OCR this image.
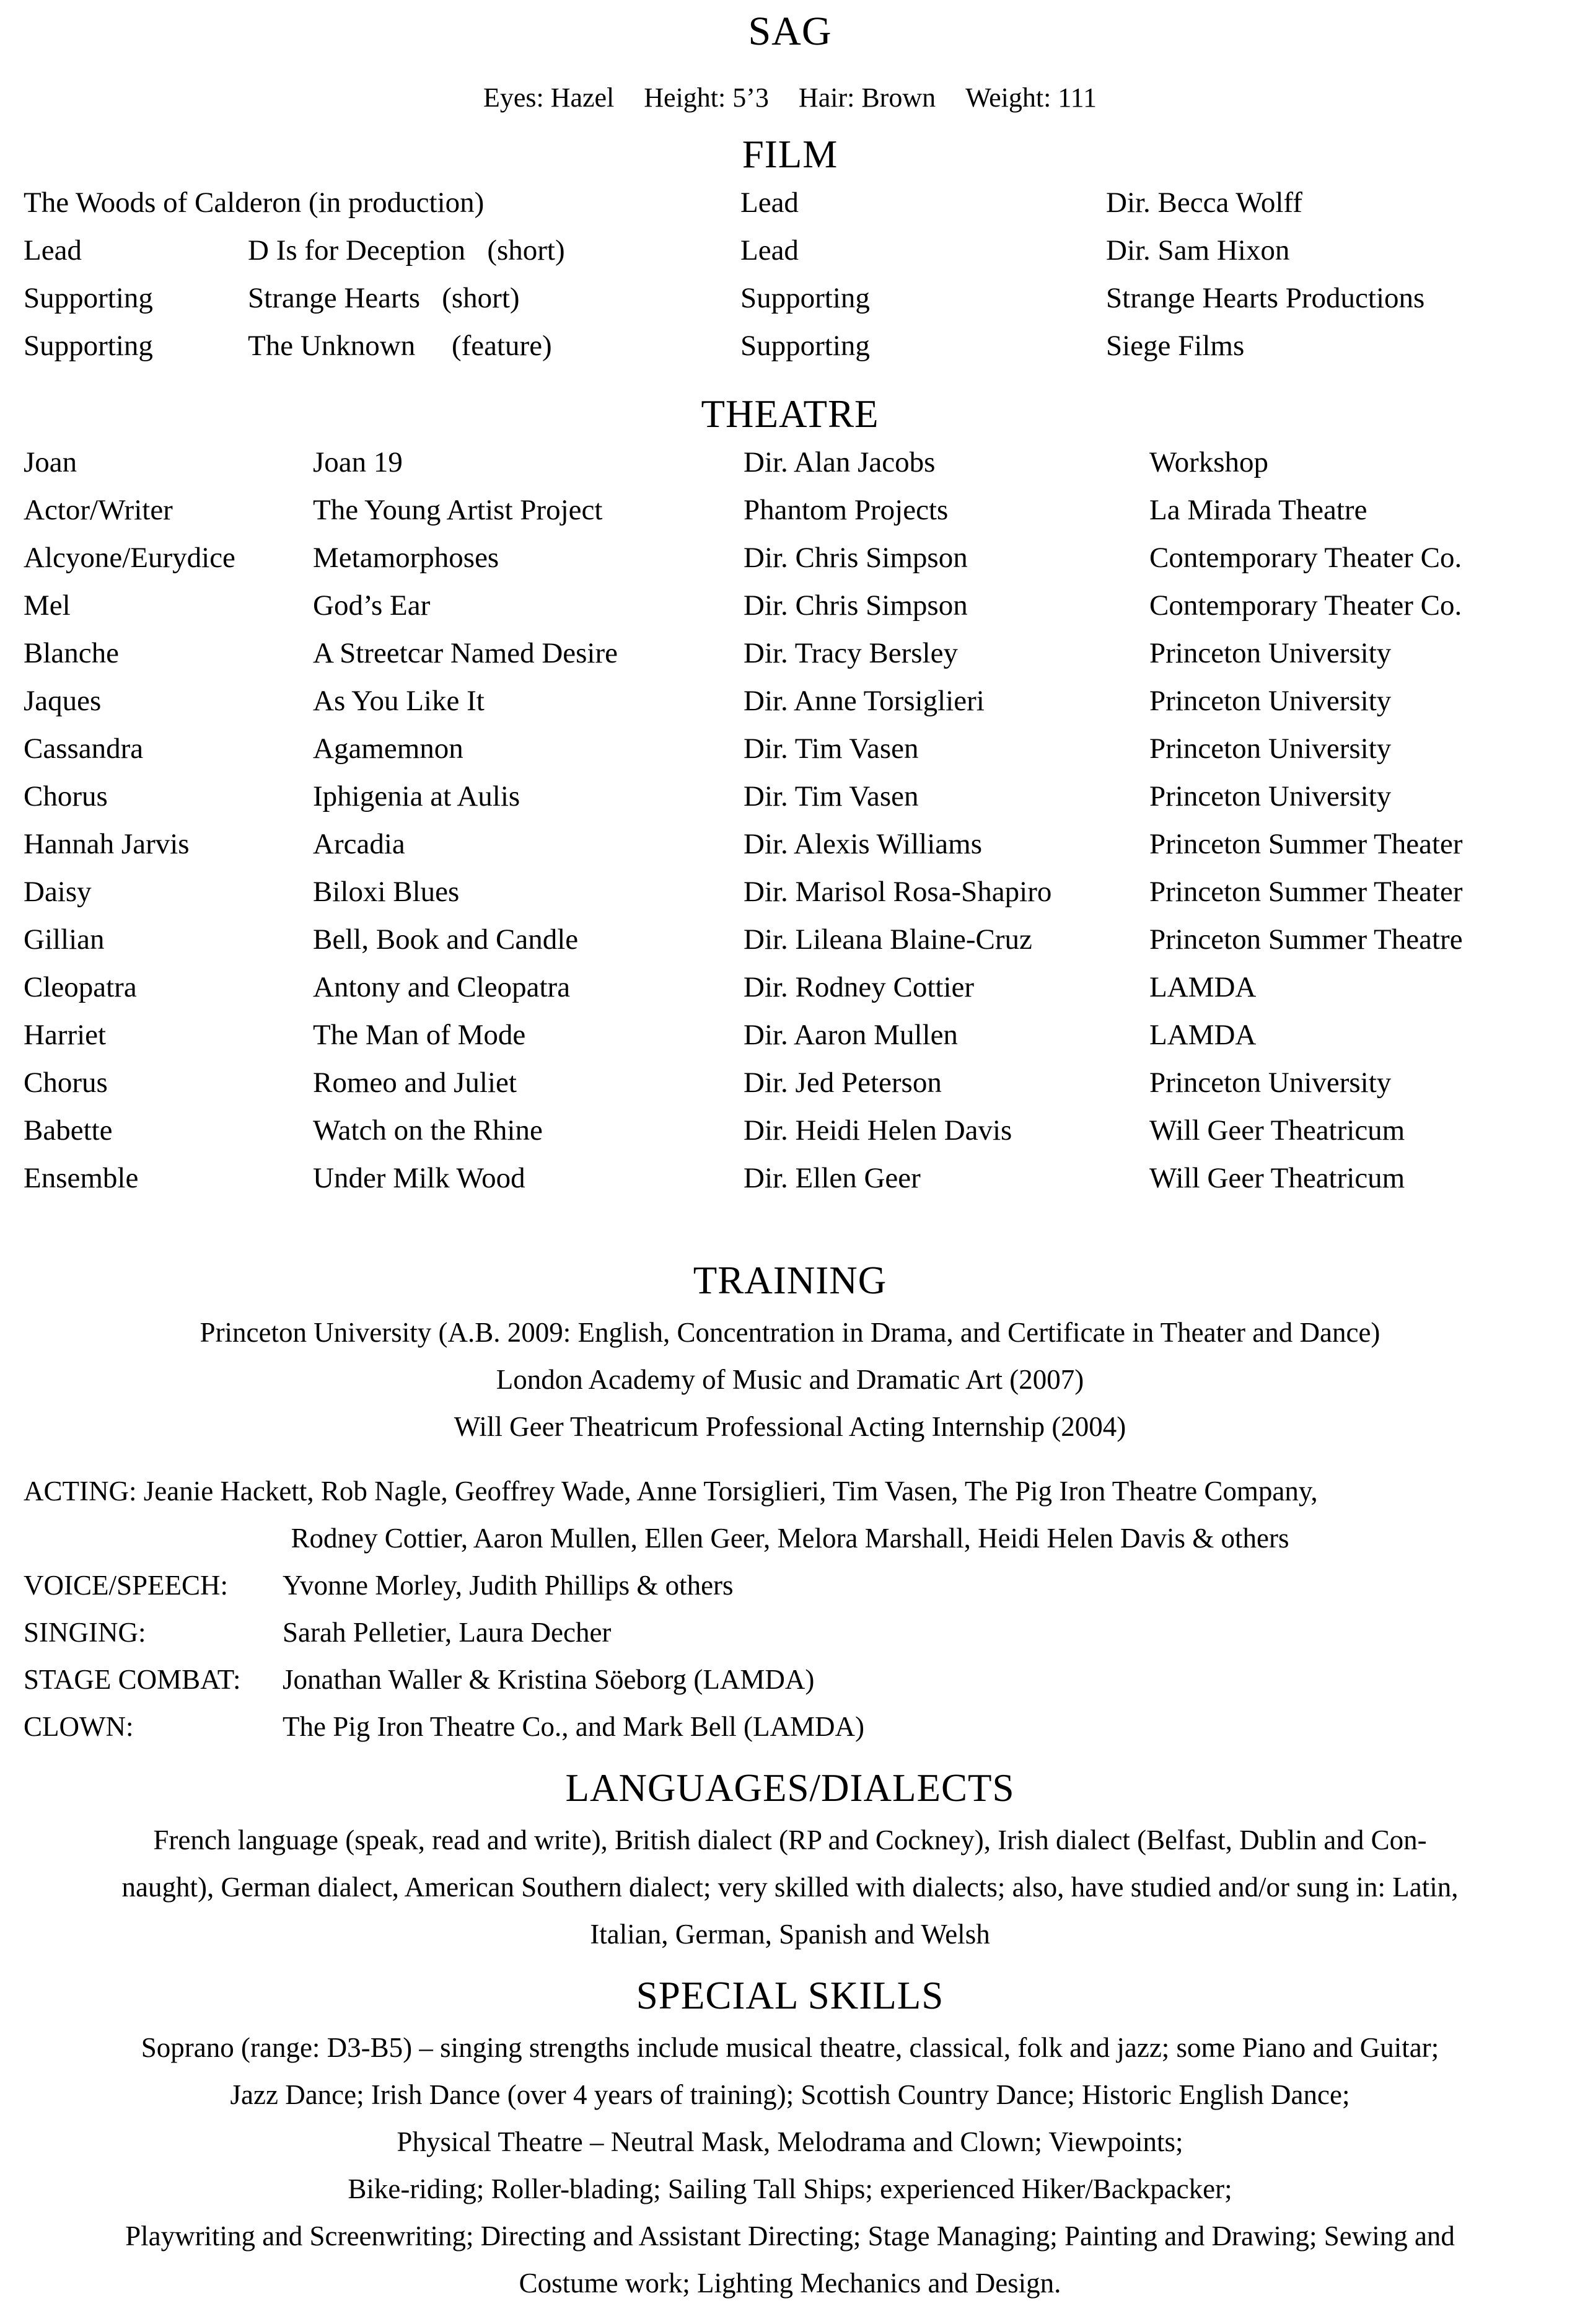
SAG
Eyes: Hazel Height: 5’3 Hair: Brown Weight: 111
FILM
The Woods of Calderon (in production)	Lead	Dir. Becca Wolff
Lead	D Is for Deception  (short)	Lead	Dir. Sam Hixon
Supporting	Strange Hearts  (short)	Supporting	Strange Hearts Productions
Supporting	The Unknown   (feature)	Supporting	Siege Films
THEATRE
Joan	Joan 19	Dir. Alan Jacobs	Workshop
Actor/Writer	The Young Artist Project	Phantom Projects	La Mirada Theatre
Alcyone/Eurydice	Metamorphoses	Dir. Chris Simpson	Contemporary Theater Co.
Mel	God’s Ear	Dir. Chris Simpson	Contemporary Theater Co.
Blanche	A Streetcar Named Desire	Dir. Tracy Bersley	Princeton University
Jaques	As You Like It	Dir. Anne Torsiglieri	Princeton University
Cassandra	Agamemnon	Dir. Tim Vasen	Princeton University
Chorus	Iphigenia at Aulis	Dir. Tim Vasen	Princeton University
Hannah Jarvis	Arcadia	Dir. Alexis Williams	Princeton Summer Theater
Daisy	Biloxi Blues	Dir. Marisol Rosa-Shapiro	Princeton Summer Theater
Gillian	Bell, Book and Candle	Dir. Lileana Blaine-Cruz	Princeton Summer Theatre
Cleopatra	Antony and Cleopatra	Dir. Rodney Cottier	LAMDA
Harriet	The Man of Mode	Dir. Aaron Mullen	LAMDA
Chorus	Romeo and Juliet	Dir. Jed Peterson	Princeton University
Babette	Watch on the Rhine	Dir. Heidi Helen Davis	Will Geer Theatricum
Ensemble	Under Milk Wood	Dir. Ellen Geer	Will Geer Theatricum
TRAINING
Princeton University (A.B. 2009: English, Concentration in Drama, and Certificate in Theater and Dance)
London Academy of Music and Dramatic Art (2007)
Will Geer Theatricum Professional Acting Internship (2004)
ACTING: Jeanie Hackett, Rob Nagle, Geoffrey Wade, Anne Torsiglieri, Tim Vasen, The Pig Iron Theatre Company,
Rodney Cottier, Aaron Mullen, Ellen Geer, Melora Marshall, Heidi Helen Davis & others
VOICE/SPEECH:	Yvonne Morley, Judith Phillips & others
SINGING:	Sarah Pelletier, Laura Decher
STAGE COMBAT:	Jonathan Waller & Kristina Söeborg (LAMDA)
CLOWN:	The Pig Iron Theatre Co., and Mark Bell (LAMDA)
LANGUAGES/DIALECTS
French language (speak, read and write), British dialect (RP and Cockney), Irish dialect (Belfast, Dublin and Con-
naught), German dialect, American Southern dialect; very skilled with dialects; also, have studied and/or sung in: Latin,
Italian, German, Spanish and Welsh
SPECIAL SKILLS
Soprano (range: D3-B5) – singing strengths include musical theatre, classical, folk and jazz; some Piano and Guitar;
Jazz Dance; Irish Dance (over 4 years of training); Scottish Country Dance; Historic English Dance;
Physical Theatre – Neutral Mask, Melodrama and Clown; Viewpoints;
Bike-riding; Roller-blading; Sailing Tall Ships; experienced Hiker/Backpacker;
Playwriting and Screenwriting; Directing and Assistant Directing; Stage Managing; Painting and Drawing; Sewing and
Costume work; Lighting Mechanics and Design.
